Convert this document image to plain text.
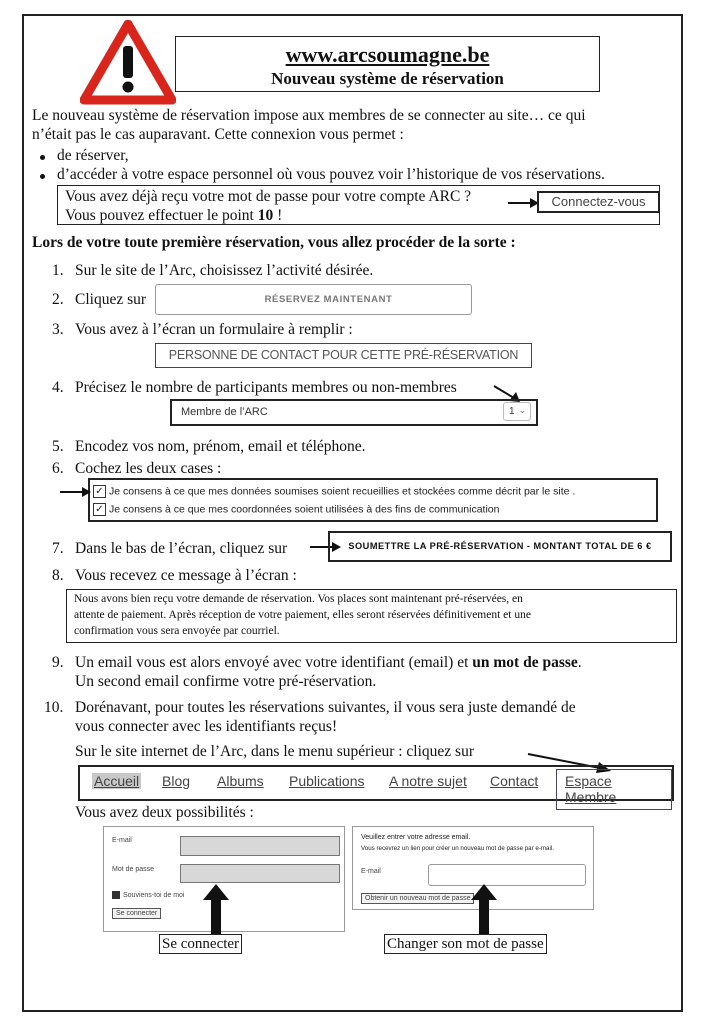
www.arcsoumagne.be
Nouveau système de réservation
Le nouveau système de réservation impose aux membres de se connecter au site… ce qui
n’était pas le cas auparavant. Cette connexion vous permet :
de réserver,
d’accéder à votre espace personnel où vous pouvez voir l’historique de vos réservations.
Vous avez déjà reçu votre mot de passe pour votre compte ARC ?
Vous pouvez effectuer le point 10 !
Connectez-vous
Lors de votre toute première réservation, vous allez procéder de la sorte :
1. Sur le site de l’Arc, choisissez l’activité désirée.
2. Cliquez sur	RÉSERVEZ MAINTENANT
3. Vous avez à l’écran un formulaire à remplir :
PERSONNE DE CONTACT POUR CETTE PRÉ-RÉSERVATION
4. Précisez le nombre de participants membres ou non-membres
Membre de l’ARC	1 ⌄
5. Encodez vos nom, prénom, email et téléphone.
6. Cochez les deux cases :
✓ Je consens à ce que mes données soumises soient recueillies et stockées comme décrit par le site .
✓ Je consens à ce que mes coordonnées soient utilisées à des fins de communication
7. Dans le bas de l’écran, cliquez sur	SOUMETTRE LA PRÉ-RÉSERVATION - MONTANT TOTAL DE 6 €
8. Vous recevez ce message à l’écran :
Nous avons bien reçu votre demande de réservation. Vos places sont maintenant pré-réservées, en
attente de paiement. Après réception de votre paiement, elles seront réservées définitivement et une
confirmation vous sera envoyée par courriel.
9. Un email vous est alors envoyé avec votre identifiant (email) et un mot de passe.
Un second email confirme votre pré-réservation.
10. Dorénavant, pour toutes les réservations suivantes, il vous sera juste demandé de
vous connecter avec les identifiants reçus!
Sur le site internet de l’Arc, dans le menu supérieur : cliquez sur
Accueil Blog Albums Publications A notre sujet Contact	Espace Membre
Vous avez deux possibilités :
E-mail
Mot de passe
Souviens-toi de moi
Se connecter
Se connecter
Veuillez entrer votre adresse email.
Vous recevrez un lien pour créer un nouveau mot de passe par e-mail.
E-mail
Obtenir un nouveau mot de passe
Changer son mot de passe
